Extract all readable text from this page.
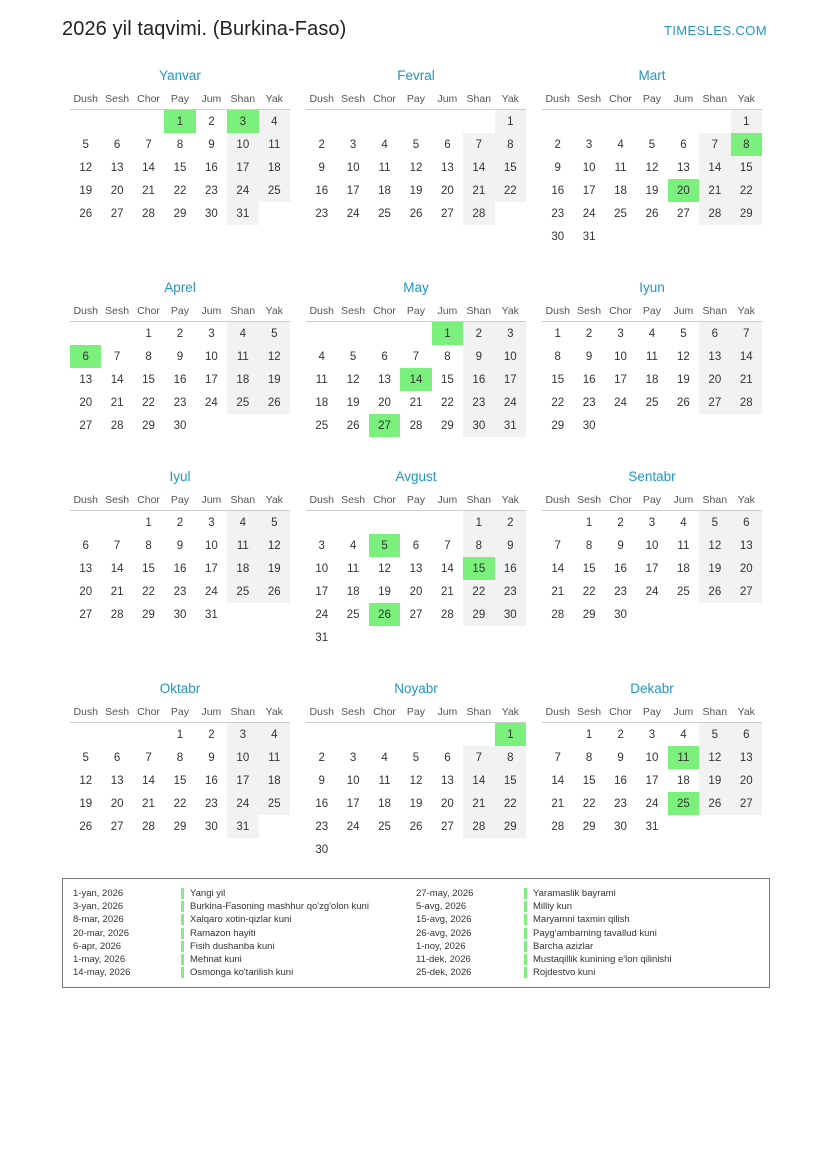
2026 yil taqvimi. (Burkina-Faso)	TIMESLES.COM
Yanvar
Dush	Sesh	Chor	Pay	Jum	Shan	Yak
			1	2	3	4
5	6	7	8	9	10	11
12	13	14	15	16	17	18
19	20	21	22	23	24	25
26	27	28	29	30	31	
Fevral
Dush	Sesh	Chor	Pay	Jum	Shan	Yak
						1
2	3	4	5	6	7	8
9	10	11	12	13	14	15
16	17	18	19	20	21	22
23	24	25	26	27	28	
Mart
Dush	Sesh	Chor	Pay	Jum	Shan	Yak
						1
2	3	4	5	6	7	8
9	10	11	12	13	14	15
16	17	18	19	20	21	22
23	24	25	26	27	28	29
30	31					
Aprel
Dush	Sesh	Chor	Pay	Jum	Shan	Yak
		1	2	3	4	5
6	7	8	9	10	11	12
13	14	15	16	17	18	19
20	21	22	23	24	25	26
27	28	29	30			
May
Dush	Sesh	Chor	Pay	Jum	Shan	Yak
				1	2	3
4	5	6	7	8	9	10
11	12	13	14	15	16	17
18	19	20	21	22	23	24
25	26	27	28	29	30	31
Iyun
Dush	Sesh	Chor	Pay	Jum	Shan	Yak
1	2	3	4	5	6	7
8	9	10	11	12	13	14
15	16	17	18	19	20	21
22	23	24	25	26	27	28
29	30					
Iyul
Dush	Sesh	Chor	Pay	Jum	Shan	Yak
		1	2	3	4	5
6	7	8	9	10	11	12
13	14	15	16	17	18	19
20	21	22	23	24	25	26
27	28	29	30	31		
Avgust
Dush	Sesh	Chor	Pay	Jum	Shan	Yak
					1	2
3	4	5	6	7	8	9
10	11	12	13	14	15	16
17	18	19	20	21	22	23
24	25	26	27	28	29	30
31						
Sentabr
Dush	Sesh	Chor	Pay	Jum	Shan	Yak
	1	2	3	4	5	6
7	8	9	10	11	12	13
14	15	16	17	18	19	20
21	22	23	24	25	26	27
28	29	30				
Oktabr
Dush	Sesh	Chor	Pay	Jum	Shan	Yak
			1	2	3	4
5	6	7	8	9	10	11
12	13	14	15	16	17	18
19	20	21	22	23	24	25
26	27	28	29	30	31	
Noyabr
Dush	Sesh	Chor	Pay	Jum	Shan	Yak
						1
2	3	4	5	6	7	8
9	10	11	12	13	14	15
16	17	18	19	20	21	22
23	24	25	26	27	28	29
30						
Dekabr
Dush	Sesh	Chor	Pay	Jum	Shan	Yak
	1	2	3	4	5	6
7	8	9	10	11	12	13
14	15	16	17	18	19	20
21	22	23	24	25	26	27
28	29	30	31			
1-yan, 2026	Yangi yil
3-yan, 2026	Burkina-Fasoning mashhur qo'zg'olon kuni
8-mar, 2026	Xalqaro xotin-qizlar kuni
20-mar, 2026	Ramazon hayiti
6-apr, 2026	Fisih dushanba kuni
1-may, 2026	Mehnat kuni
14-may, 2026	Osmonga ko'tarilish kuni
27-may, 2026	Yaramaslik bayrami
5-avg, 2026	Milliy kun
15-avg, 2026	Maryamni taxmin qilish
26-avg, 2026	Payg'ambarning tavallud kuni
1-noy, 2026	Barcha azizlar
11-dek, 2026	Mustaqillik kunining e'lon qilinishi
25-dek, 2026	Rojdestvo kuni
